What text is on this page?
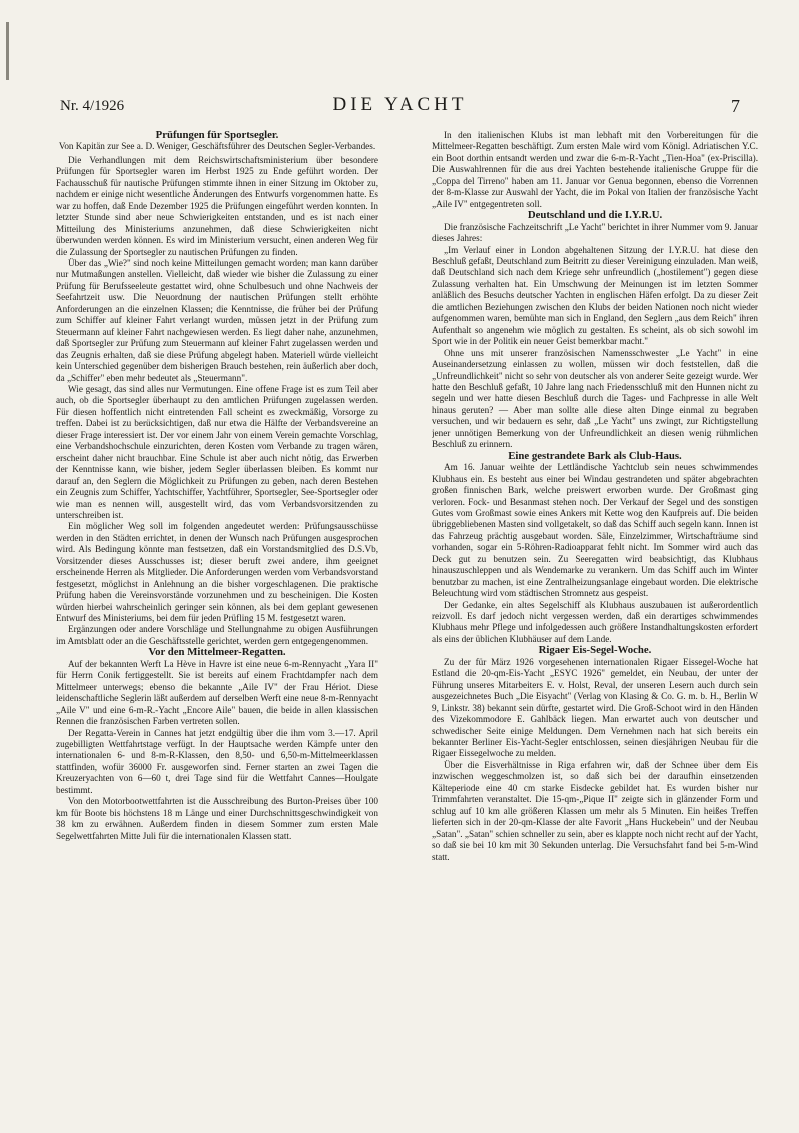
Nr. 4/1926	DIE YACHT	7
Prüfungen für Sportsegler.
Von Kapitän zur See a. D. Weniger, Geschäftsführer des Deutschen Segler-Verbandes.

Die Verhandlungen mit dem Reichswirtschaftsministerium über besondere Prüfungen für Sportsegler waren im Herbst 1925 zu Ende geführt worden. Der Fachausschuß für nautische Prüfungen stimmte ihnen in einer Sitzung im Oktober zu, nachdem er einige nicht wesentliche Änderungen des Entwurfs vorgenommen hatte. Es war zu hoffen, daß Ende Dezember 1925 die Prüfungen eingeführt werden konnten. In letzter Stunde sind aber neue Schwierigkeiten entstanden, und es ist nach einer Mitteilung des Ministeriums anzunehmen, daß diese Schwierigkeiten nicht überwunden werden können. Es wird im Ministerium versucht, einen anderen Weg für die Zulassung der Sportsegler zu nautischen Prüfungen zu finden.

Über das „Wie?" sind noch keine Mitteilungen gemacht worden; man kann darüber nur Mutmaßungen anstellen. Vielleicht, daß wieder wie bisher die Zulassung zu einer Prüfung für Berufsseeleute gestattet wird, ohne Schulbesuch und ohne Nachweis der Seefahrtzeit usw. Die Neuordnung der nautischen Prüfungen stellt erhöhte Anforderungen an die einzelnen Klassen; die Kenntnisse, die früher bei der Prüfung zum Schiffer auf kleiner Fahrt verlangt wurden, müssen jetzt in der Prüfung zum Steuermann auf kleiner Fahrt nachgewiesen werden. Es liegt daher nahe, anzunehmen, daß Sportsegler zur Prüfung zum Steuermann auf kleiner Fahrt zugelassen werden und das Zeugnis erhalten, daß sie diese Prüfung abgelegt haben. Materiell würde vielleicht kein Unterschied gegenüber dem bisherigen Brauch bestehen, rein äußerlich aber doch, da „Schiffer" eben mehr bedeutet als „Steuermann".

Wie gesagt, das sind alles nur Vermutungen. Eine offene Frage ist es zum Teil aber auch, ob die Sportsegler überhaupt zu den amtlichen Prüfungen zugelassen werden. Für diesen hoffentlich nicht eintretenden Fall scheint es zweckmäßig, Vorsorge zu treffen. Dabei ist zu berücksichtigen, daß nur etwa die Hälfte der Verbandsvereine an dieser Frage interessiert ist. Der vor einem Jahr von einem Verein gemachte Vorschlag, eine Verbandshochschule einzurichten, deren Kosten vom Verbande zu tragen wären, erscheint daher nicht brauchbar. Eine Schule ist aber auch nicht nötig, das Erwerben der Kenntnisse kann, wie bisher, jedem Segler überlassen bleiben. Es kommt nur darauf an, den Seglern die Möglichkeit zu Prüfungen zu geben, nach deren Bestehen ein Zeugnis zum Schiffer, Yachtschiffer, Yachtführer, Sportsegler, See-Sportsegler oder wie man es nennen will, ausgestellt wird, das vom Verbandsvorsitzenden zu unterschreiben ist.

Ein möglicher Weg soll im folgenden angedeutet werden: Prüfungsausschüsse werden in den Städten errichtet, in denen der Wunsch nach Prüfungen ausgesprochen wird. Als Bedingung könnte man festsetzen, daß ein Vorstandsmitglied des D.S.Vb, Vorsitzender dieses Ausschusses ist; dieser beruft zwei andere, ihm geeignet erscheinende Herren als Mitglieder. Die Anforderungen werden vom Verbandsvorstand festgesetzt, möglichst in Anlehnung an die bisher vorgeschlagenen. Die praktische Prüfung haben die Vereinsvorstände vorzunehmen und zu bescheinigen. Die Kosten würden hierbei wahrscheinlich geringer sein können, als bei dem geplant gewesenen Entwurf des Ministeriums, bei dem für jeden Prüfling 15 M. festgesetzt waren.

Ergänzungen oder andere Vorschläge und Stellungnahme zu obigen Ausführungen im Amtsblatt oder an die Geschäftsstelle gerichtet, werden gern entgegengenommen.

Vor den Mittelmeer-Regatten.

Auf der bekannten Werft La Hève in Havre ist eine neue 6-m-Rennyacht „Yara II" für Herrn Conik fertiggestellt. Sie ist bereits auf einem Frachtdampfer nach dem Mittelmeer unterwegs; ebenso die bekannte „Aile IV" der Frau Hériot. Diese leidenschaftliche Seglerin läßt außerdem auf derselben Werft eine neue 8-m-Rennyacht „Aile V" und eine 6-m-R.-Yacht „Encore Aile" bauen, die beide in allen klassischen Rennen die französischen Farben vertreten sollen.

Der Regatta-Verein in Cannes hat jetzt endgültig über die ihm vom 3.—17. April zugebilligten Wettfahrtstage verfügt. In der Hauptsache werden Kämpfe unter den internationalen 6- und 8-m-R-Klassen, den 8,50- und 6,50-m-Mittelmeerklassen stattfinden, wofür 36000 Fr. ausgeworfen sind. Ferner starten an zwei Tagen die Kreuzeryachten von 6—60 t, drei Tage sind für die Wettfahrt Cannes—Houlgate bestimmt.

Von den Motorbootwettfahrten ist die Ausschreibung des Burton-Preises über 100 km für Boote bis höchstens 18 m Länge und einer Durchschnittsgeschwindigkeit von 38 km zu erwähnen. Außerdem finden in diesem Sommer zum ersten Male Segelwettfahrten Mitte Juli für die internationalen Klassen statt.

In den italienischen Klubs ist man lebhaft mit den Vorbereitungen für die Mittelmeer-Regatten beschäftigt. Zum ersten Male wird vom Königl. Adriatischen Y.C. ein Boot dorthin entsandt werden und zwar die 6-m-R-Yacht „Tien-Hoa" (ex-Priscilla). Die Auswahlrennen für die aus drei Yachten bestehende italienische Gruppe für die „Coppa del Tirreno" haben am 11. Januar vor Genua begonnen, ebenso die Vorrennen der 8-m-Klasse zur Auswahl der Yacht, die im Pokal von Italien der französische Yacht „Aile IV" entgegentreten soll.

Deutschland und die I.Y.R.U.

Die französische Fachzeitschrift „Le Yacht" berichtet in ihrer Nummer vom 9. Januar dieses Jahres:

„Im Verlauf einer in London abgehaltenen Sitzung der I.Y.R.U. hat diese den Beschluß gefaßt, Deutschland zum Beitritt zu dieser Vereinigung einzuladen. Man weiß, daß Deutschland sich nach dem Kriege sehr unfreundlich („hostilement") gegen diese Zulassung verhalten hat. Ein Umschwung der Meinungen ist im letzten Sommer anläßlich des Besuchs deutscher Yachten in englischen Häfen erfolgt. Da zu dieser Zeit die amtlichen Beziehungen zwischen den Klubs der beiden Nationen noch nicht wieder aufgenommen waren, bemühte man sich in England, den Seglern „aus dem Reich" ihren Aufenthalt so angenehm wie möglich zu gestalten. Es scheint, als ob sich sowohl im Sport wie in der Politik ein neuer Geist bemerkbar macht."

Ohne uns mit unserer französischen Namensschwester „Le Yacht" in eine Auseinandersetzung einlassen zu wollen, müssen wir doch feststellen, daß die „Unfreundlichkeit" nicht so sehr von deutscher als von anderer Seite gezeigt wurde. Wer hatte den Beschluß gefaßt, 10 Jahre lang nach Friedensschluß mit den Hunnen nicht zu segeln und wer hatte diesen Beschluß durch die Tages- und Fachpresse in alle Welt hinaus geruten? — Aber man sollte alle diese alten Dinge einmal zu begraben versuchen, und wir bedauern es sehr, daß „Le Yacht" uns zwingt, zur Richtigstellung jener unnötigen Bemerkung von der Unfreundlichkeit an diesen wenig rühmlichen Beschluß zu erinnern.

Eine gestrandete Bark als Club-Haus.

Am 16. Januar weihte der Lettländische Yachtclub sein neues schwimmendes Klubhaus ein. Es besteht aus einer bei Windau gestrandeten und später abgebrachten großen finnischen Bark, welche preiswert erworben wurde. Der Großmast ging verloren. Fock- und Besanmast stehen noch. Der Verkauf der Segel und des sonstigen Gutes vom Großmast sowie eines Ankers mit Kette wog den Kaufpreis auf. Die beiden übriggebliebenen Masten sind vollgetakelt, so daß das Schiff auch segeln kann. Innen ist das Fahrzeug prächtig ausgebaut worden. Säle, Einzelzimmer, Wirtschafträume sind vorhanden, sogar ein 5-Röhren-Radioapparat fehlt nicht. Im Sommer wird auch das Deck gut zu benutzen sein. Zu Seeregatten wird beabsichtigt, das Klubhaus hinauszuschleppen und als Wendemarke zu verankern. Um das Schiff auch im Winter benutzbar zu machen, ist eine Zentralheizungsanlage eingebaut worden. Die elektrische Beleuchtung wird vom städtischen Stromnetz aus gespeist.

Der Gedanke, ein altes Segelschiff als Klubhaus auszubauen ist außerordentlich reizvoll. Es darf jedoch nicht vergessen werden, daß ein derartiges schwimmendes Klubhaus mehr Pflege und infolgedessen auch größere Instandhaltungskosten erfordert als eins der üblichen Klubhäuser auf dem Lande.

Rigaer Eis-Segel-Woche.

Zu der für März 1926 vorgesehenen internationalen Rigaer Eissegel-Woche hat Estland die 20-qm-Eis-Yacht „ESYC 1926" gemeldet, ein Neubau, der unter der Führung unseres Mitarbeiters E. v. Holst, Reval, der unseren Lesern auch durch sein ausgezeichnetes Buch „Die Eisyacht" (Verlag von Klasing & Co. G. m. b. H., Berlin W 9, Linkstr. 38) bekannt sein dürfte, gestartet wird. Die Groß-Schoot wird in den Händen des Vizekommodore E. Gahlbäck liegen. Man erwartet auch von deutscher und schwedischer Seite einige Meldungen. Dem Vernehmen nach hat sich bereits ein bekannter Berliner Eis-Yacht-Segler entschlossen, seinen diesjährigen Neubau für die Rigaer Eissegelwoche zu melden.

Über die Eisverhältnisse in Riga erfahren wir, daß der Schnee über dem Eis inzwischen weggeschmolzen ist, so daß sich bei der daraufhin einsetzenden Kälteperiode eine 40 cm starke Eisdecke gebildet hat. Es wurden bisher nur Trimmfahrten veranstaltet. Die 15-qm-„Pique II" zeigte sich in glänzender Form und schlug auf 10 km alle größeren Klassen um mehr als 5 Minuten. Ein heißes Treffen lieferten sich in der 20-qm-Klasse der alte Favorit „Hans Huckebein" und der Neubau „Satan". „Satan" schien schneller zu sein, aber es klappte noch nicht recht auf der Yacht, so daß sie bei 10 km mit 30 Sekunden unterlag. Die Versuchsfahrt fand bei 5-m-Wind statt.
